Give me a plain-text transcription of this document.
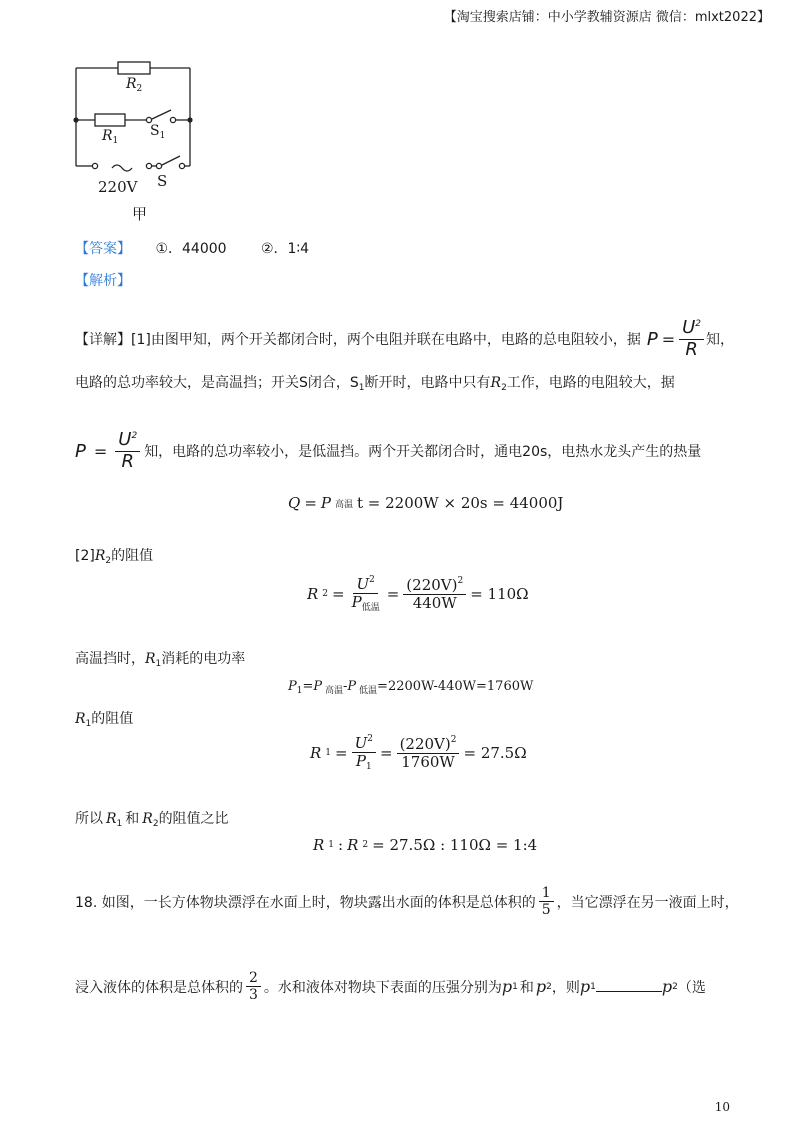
【淘宝搜索店铺：中小学教辅资源店 微信：mlxt2022】
$R_2$
$R_1$
$S_1$
220V S
甲
【答案】 ①．44000 ②．1∶4
【解析】
【详解】 [1]由图甲知，两个开关都闭合时，两个电阻并联在电路中，电路的总电阻较小，据 $P = \frac{U^2}{R}$ 知，
电路的总功率较大，是高温挡；开关S闭合，$S_1$断开时，电路中只有$R_2$工作，电路的电阻较大，据
$P = \frac{U^2}{R}$ 知，电路的总功率较小，是低温挡。两个开关都闭合时，通电20s，电热水龙头产生的热量
Q = P 高温 t = 2200W × 20s = 44000J
$[2]R_2$的阻值
R $2 = \frac{U^2}{P_{低温}} = \frac{(220V)^2}{440W} = 110\Omega$
高温挡时，$R_1$消耗的电功率
$P_1=P$ $_{高温}$-P $_{低温}$=2200W-440W=1760W
$R_1$的阻值
R $1 = \frac{U^2}{P_1} = \frac{(220V)^2}{1760W} = 27.5\Omega$
所以 $R_1$ 和 $R_2$的阻值之比
R 1 : R 2 = 27.5Ω : 110Ω = 1:4
18. 如图，一长方体物块漂浮在水面上时，物块露出水面的体积是总体积的 $\frac{1}{5}$ ，当它漂浮在另一液面上时，
浸入液体的体积是总体积的 $\frac{2}{3}$ 。水和液体对物块下表面的压强分别为 p 1 和 p 2 ，则 p 1	p 2 （选
10
